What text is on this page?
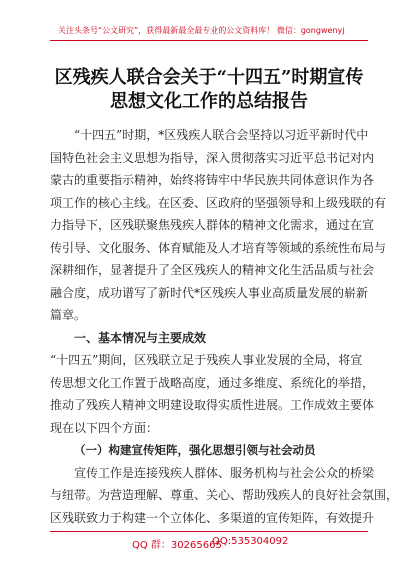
关注头条号“公文研究”，获得最新最全最专业的公文资料库！ 微信：gongwenyj
区残疾人联合会关于“十四五”时期宣传
思想文化工作的总结报告
“十四五”时期，*区残疾人联合会坚持以习近平新时代中
国特色社会主义思想为指导，深入贯彻落实习近平总书记对内
蒙古的重要指示精神，始终将铸牢中华民族共同体意识作为各
项工作的核心主线。在区委、区政府的坚强领导和上级残联的有
力指导下，区残联聚焦残疾人群体的精神文化需求，通过在宣
传引导、文化服务、体育赋能及人才培育等领域的系统性布局与
深耕细作，显著提升了全区残疾人的精神文化生活品质与社会
融合度，成功谱写了新时代*区残疾人事业高质量发展的崭新
篇章。
一、基本情况与主要成效
“十四五”期间，区残联立足于残疾人事业发展的全局，将宣
传思想文化工作置于战略高度，通过多维度、系统化的举措，
推动了残疾人精神文明建设取得实质性进展。工作成效主要体
现在以下四个方面：
（一）构建宣传矩阵，强化思想引领与社会动员
宣传工作是连接残疾人群体、服务机构与社会公众的桥梁
与纽带。为营造理解、尊重、关心、帮助残疾人的良好社会氛围，
区残联致力于构建一个立体化、多渠道的宣传矩阵，有效提升
QQ 群：30265665
QQ:535304092
